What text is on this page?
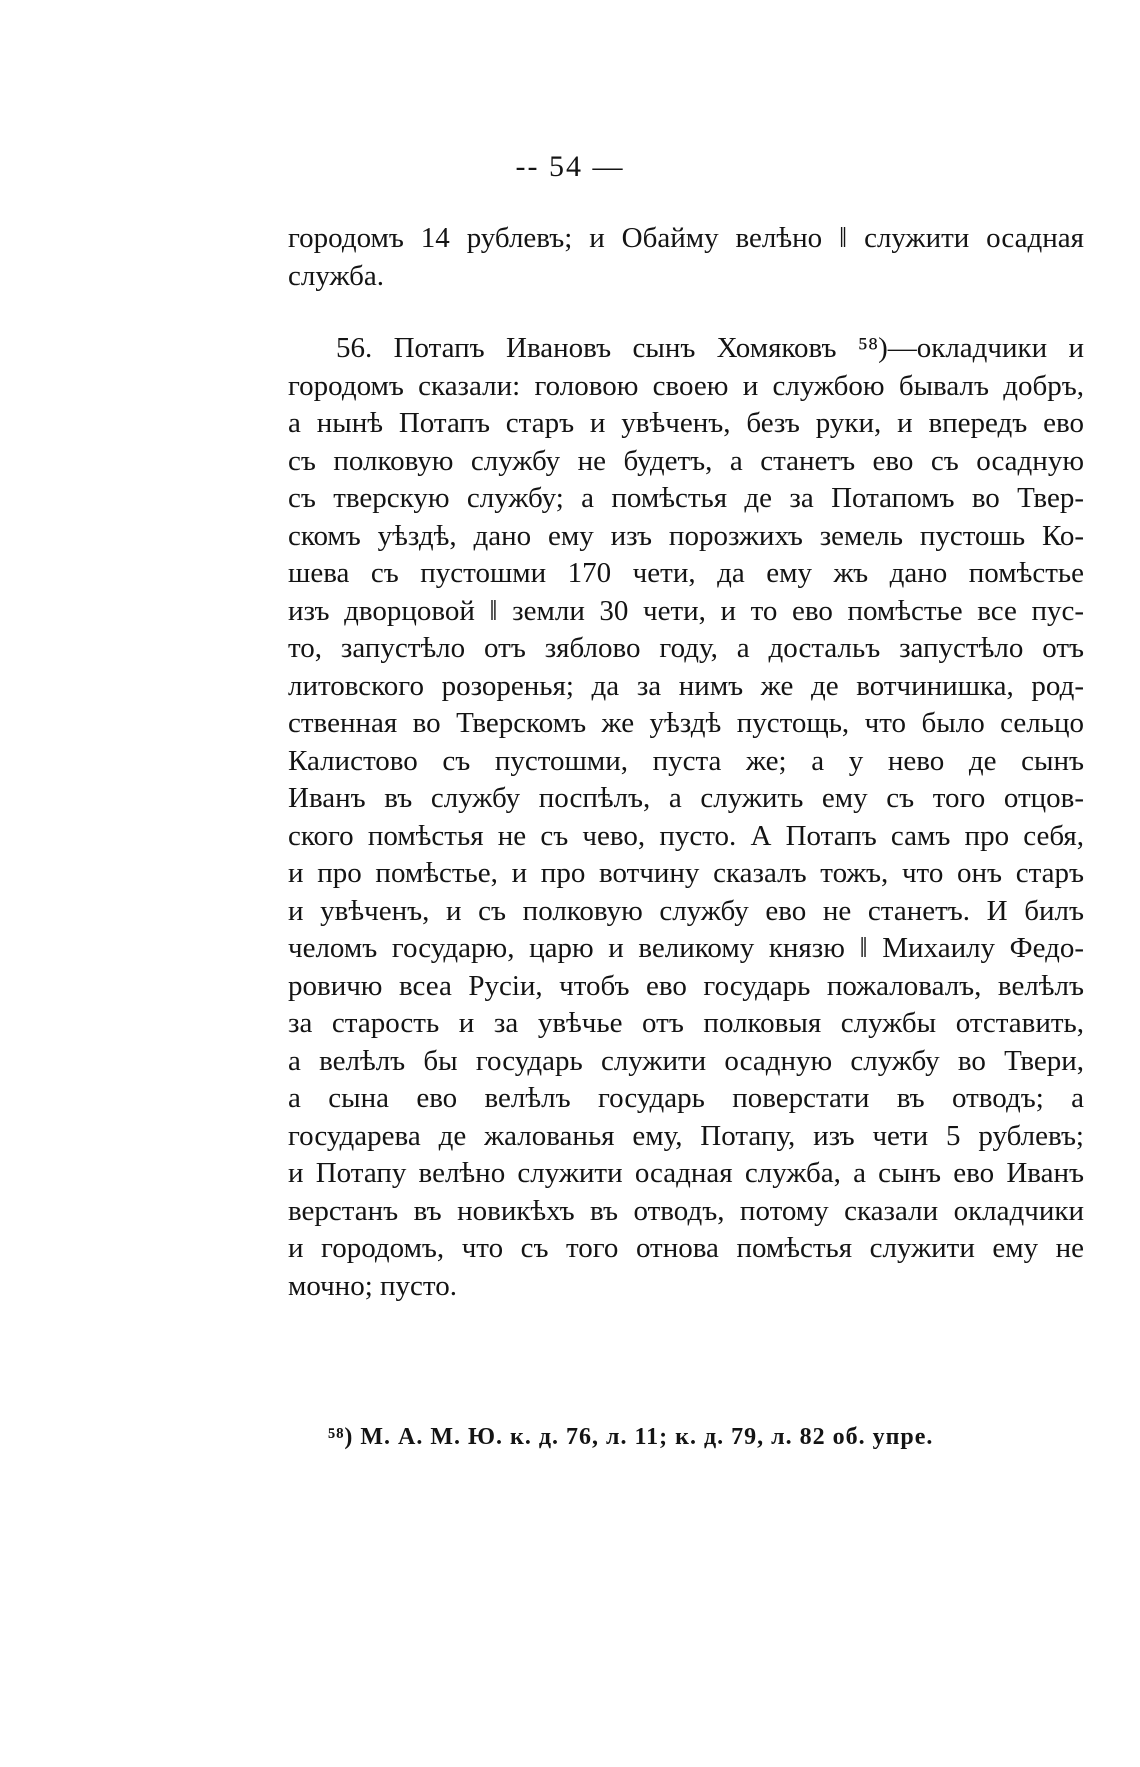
-- 54 —
городомъ 14 рублевъ; и Обайму велѣно ‖ служити осадная
служба.
56. Потапъ Ивановъ сынъ Хомяковъ ⁵⁸)—окладчики и
городомъ сказали: головою своею и службою бывалъ добръ,
а нынѣ Потапъ старъ и увѣченъ, безъ руки, и впередъ ево
съ полковую службу не будетъ, а станетъ ево съ осадную
съ тверскую службу; а помѣстья де за Потапомъ во Твер-
скомъ уѣздѣ, дано ему изъ порозжихъ земель пустошь Ко-
шева съ пустошми 170 чети, да ему жъ дано помѣстье
изъ дворцовой ‖ земли 30 чети, и то ево помѣстье все пус-
то, запустѣло отъ зяблово году, а достальъ запустѣло отъ
литовского розоренья; да за нимъ же де вотчинишка, род-
ственная во Тверскомъ же уѣздѣ пустощь, что было сельцо
Калистово съ пустошми, пуста же; а у нево де сынъ
Иванъ въ службу поспѣлъ, а служить ему съ того отцов-
ского помѣстья не съ чево, пусто. А Потапъ самъ про себя,
и про помѣстье, и про вотчину сказалъ тожъ, что онъ старъ
и увѣченъ, и съ полковую службу ево не станетъ. И билъ
челомъ государю, царю и великому князю ‖ Михаилу Федо-
ровичю всеа Русіи, чтобъ ево государь пожаловалъ, велѣлъ
за старость и за увѣчье отъ полковыя службы отставить,
а велѣлъ бы государь служити осадную службу во Твери,
а сына ево велѣлъ государь поверстати въ отводъ; а
государева де жалованья ему, Потапу, изъ чети 5 рублевъ;
и Потапу велѣно служити осадная служба, а сынъ ево Иванъ
верстанъ въ новикѣхъ въ отводъ, потому сказали окладчики
и городомъ, что съ того отнова помѣстья служити ему не
мочно; пусто.
⁵⁸) М. А. М. Ю. к. д. 76, л. 11; к. д. 79, л. 82 об. упре.
